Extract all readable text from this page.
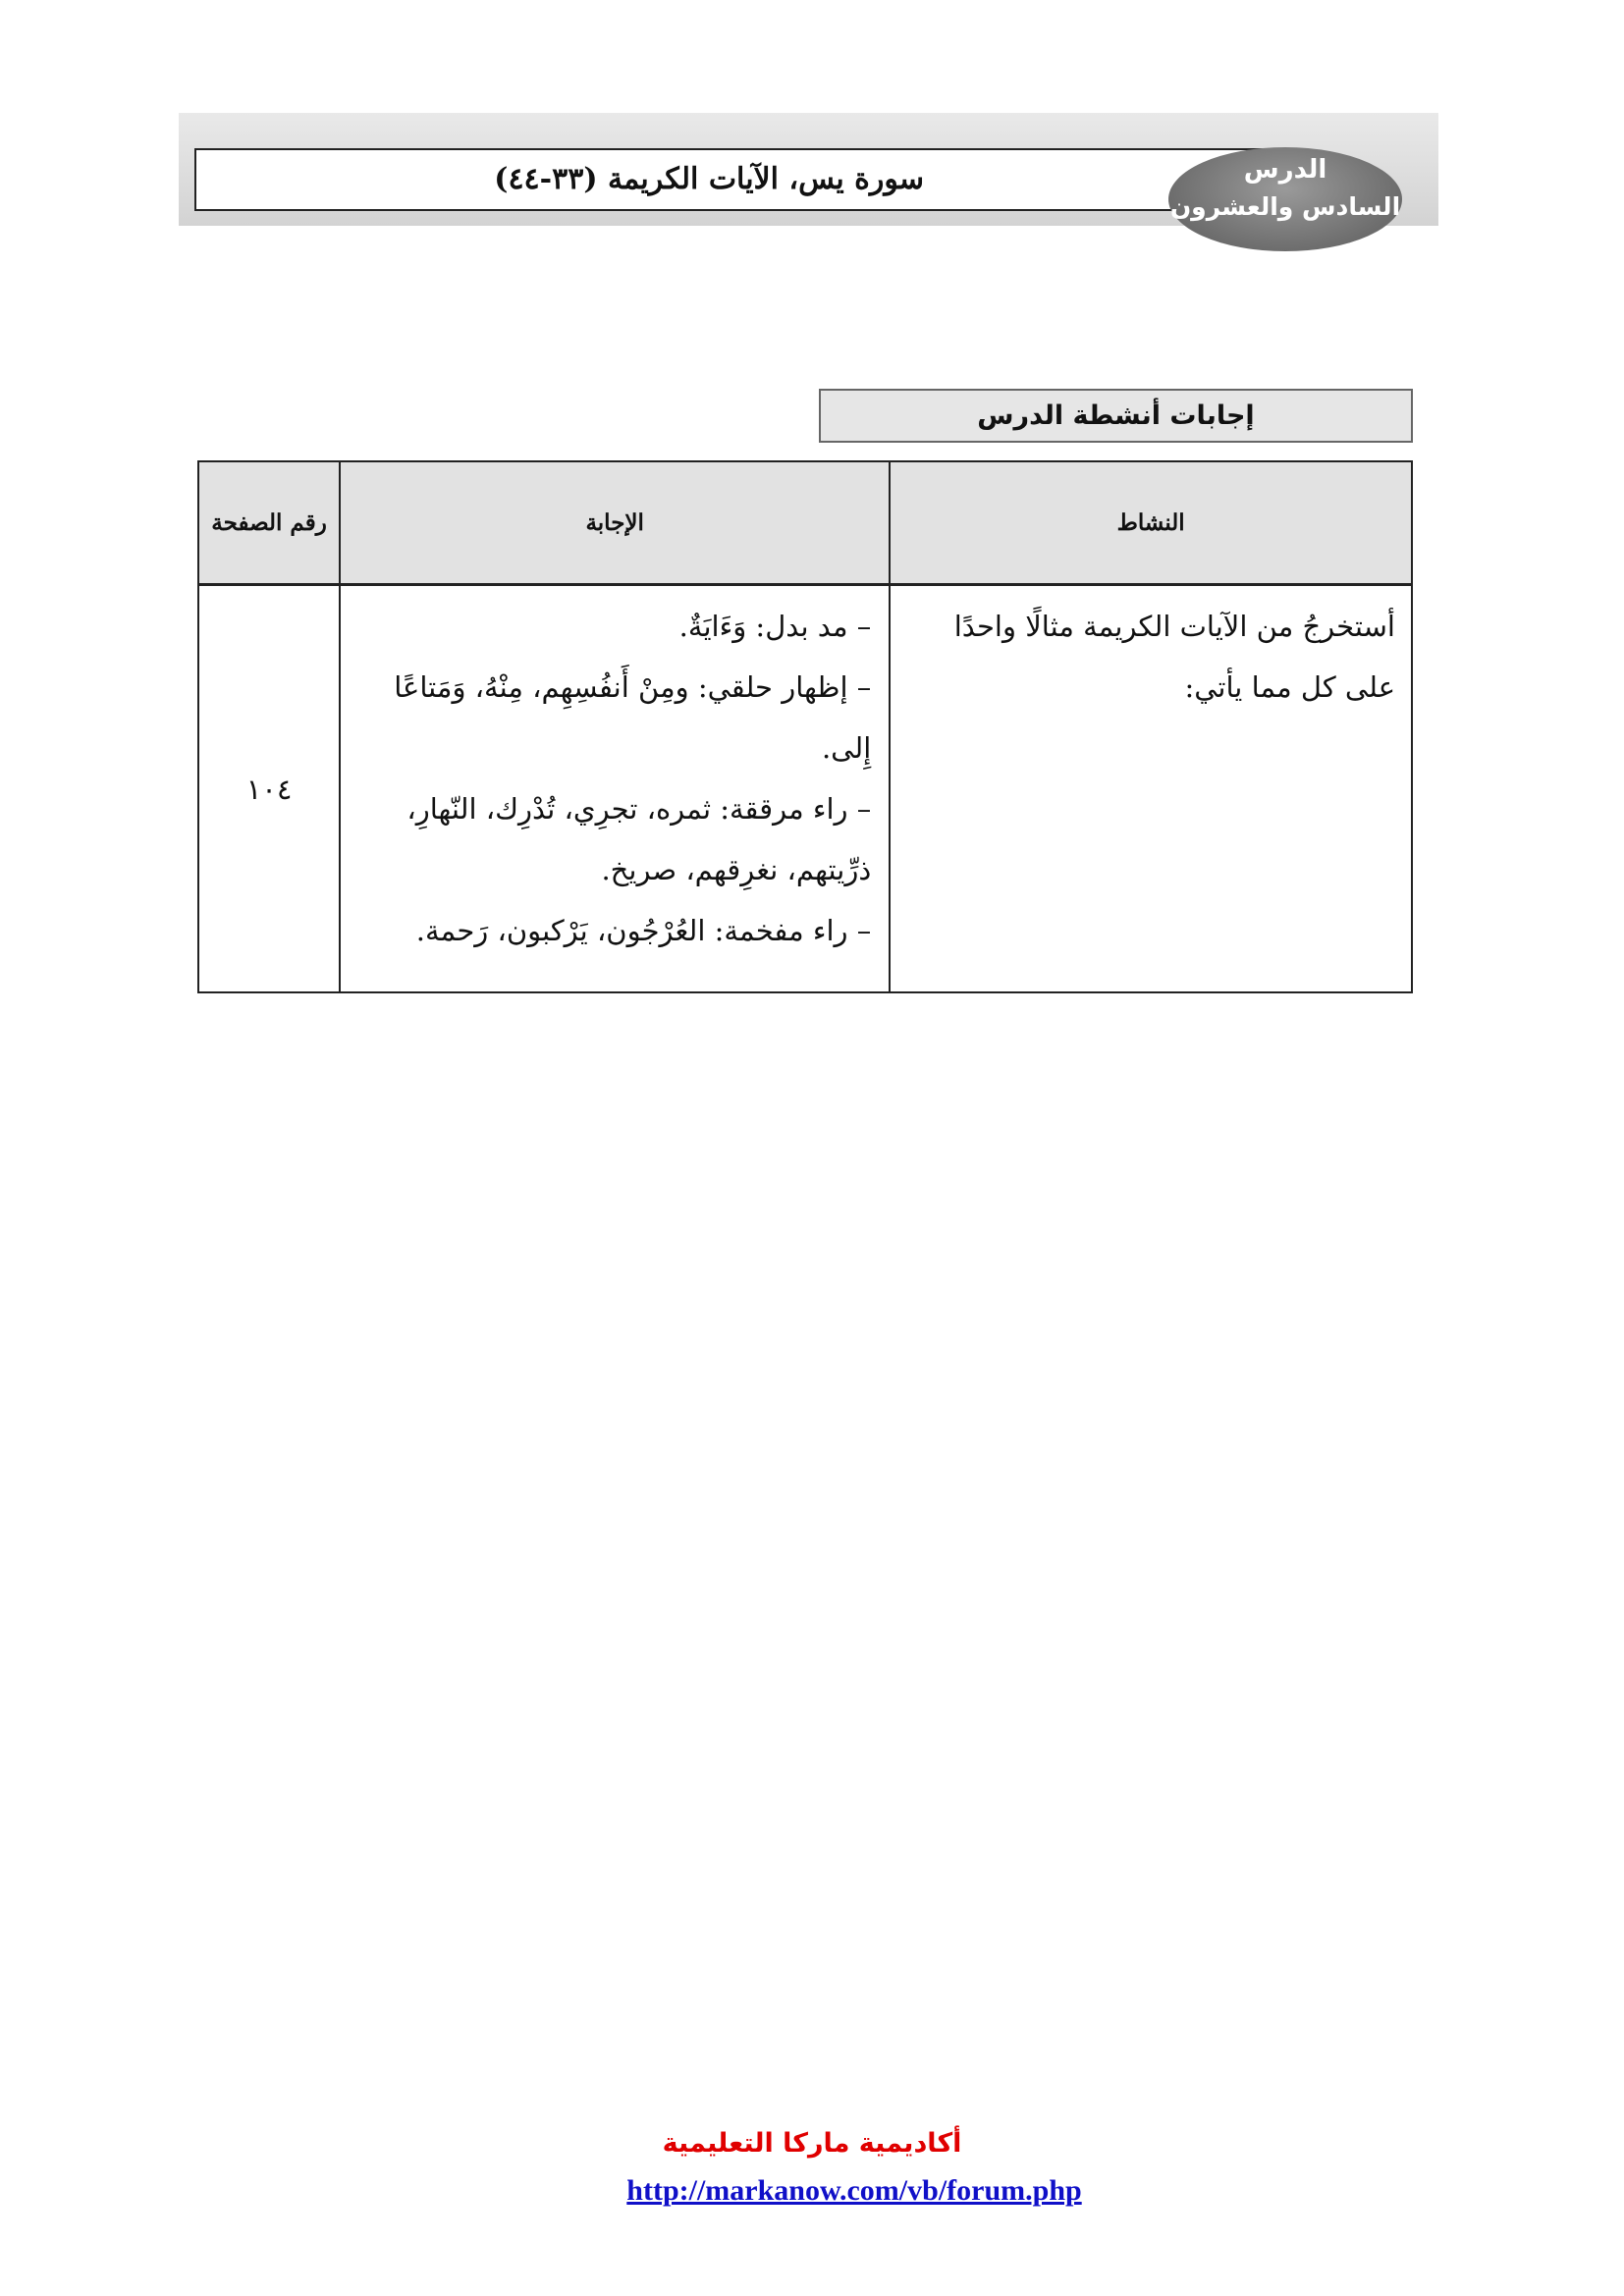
سورة يس، الآيات الكريمة (٣٣-٤٤)	الدرس
السادس والعشرون
إجابات أنشطة الدرس
النشاط	الإجابة	رقم الصفحة
أستخرجُ من الآيات الكريمة مثالًا واحدًا على كل مما يأتي:	– مد بدل: وَءَايَةٌ.

– إظهار حلقي: ومِنْ أَنفُسِهِم، مِنْهُ، وَمَتاعًا إِلى.

– راء مرققة: ثمره، تجرِي، تُدْرِك، النّهارِ، ذرِّيتهم، نغرِقهم، صريخ.

– راء مفخمة: العُرْجُون، يَرْكبون، رَحمة.	١٠٤
أكاديمية ماركا التعليمية
http://markanow.com/vb/forum.php
